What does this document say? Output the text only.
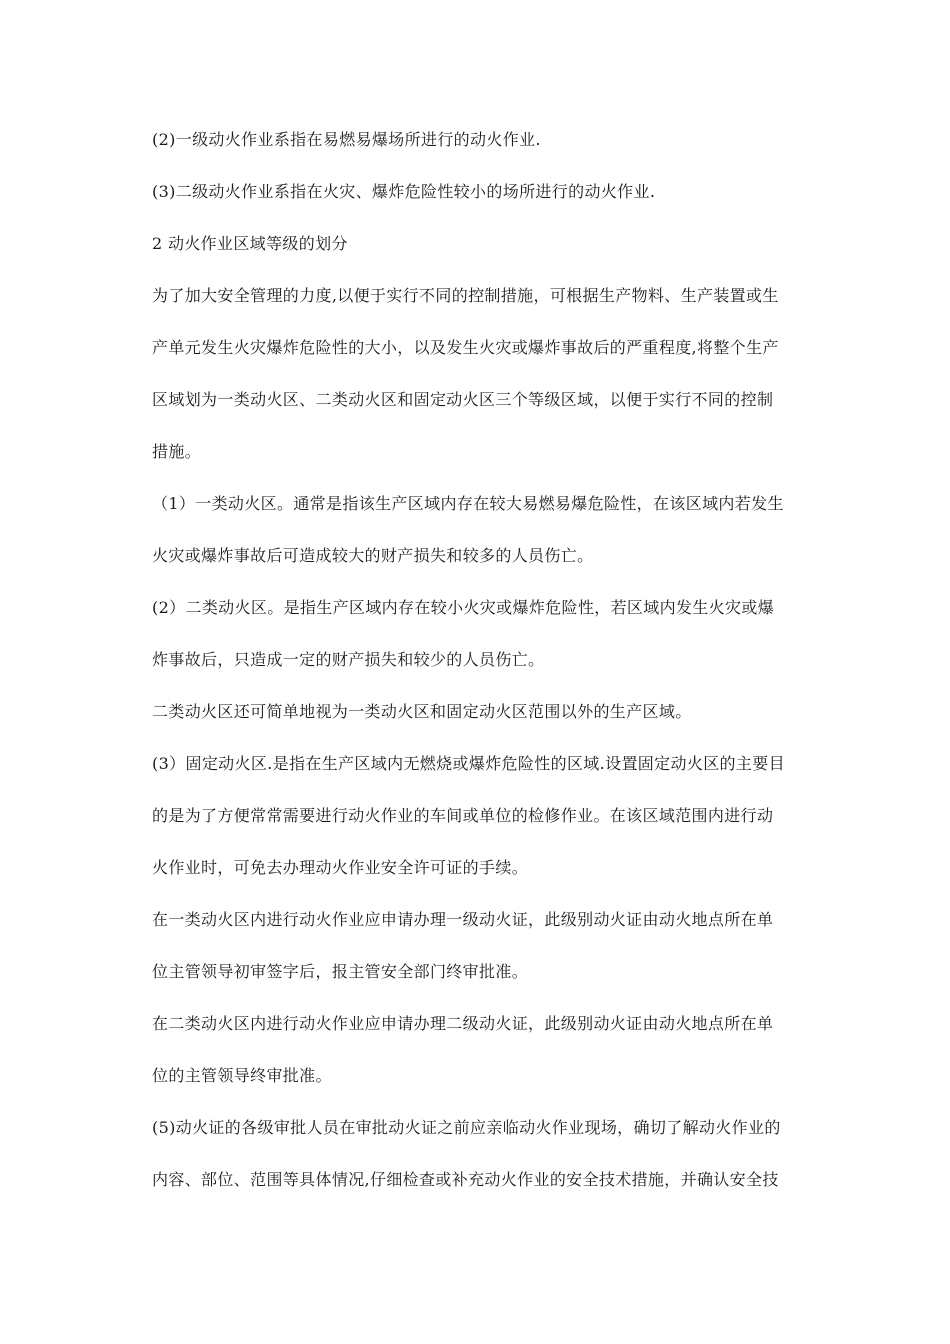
(2)一级动火作业系指在易燃易爆场所进行的动火作业.

(3)二级动火作业系指在火灾、爆炸危险性较小的场所进行的动火作业.

2 动火作业区域等级的划分

为了加大安全管理的力度,以便于实行不同的控制措施，可根据生产物料、生产装置或生
产单元发生火灾爆炸危险性的大小，以及发生火灾或爆炸事故后的严重程度,将整个生产
区域划为一类动火区、二类动火区和固定动火区三个等级区域，以便于实行不同的控制
措施。

（1）一类动火区。通常是指该生产区域内存在较大易燃易爆危险性，在该区域内若发生
火灾或爆炸事故后可造成较大的财产损失和较多的人员伤亡。

(2）二类动火区。是指生产区域内存在较小火灾或爆炸危险性，若区域内发生火灾或爆
炸事故后，只造成一定的财产损失和较少的人员伤亡。

二类动火区还可简单地视为一类动火区和固定动火区范围以外的生产区域。

(3）固定动火区.是指在生产区域内无燃烧或爆炸危险性的区域.设置固定动火区的主要目
的是为了方便常常需要进行动火作业的车间或单位的检修作业。在该区域范围内进行动
火作业时，可免去办理动火作业安全许可证的手续。

在一类动火区内进行动火作业应申请办理一级动火证，此级别动火证由动火地点所在单
位主管领导初审签字后，报主管安全部门终审批准。

在二类动火区内进行动火作业应申请办理二级动火证，此级别动火证由动火地点所在单
位的主管领导终审批准。

(5)动火证的各级审批人员在审批动火证之前应亲临动火作业现场，确切了解动火作业的
内容、部位、范围等具体情况,仔细检查或补充动火作业的安全技术措施，并确认安全技
